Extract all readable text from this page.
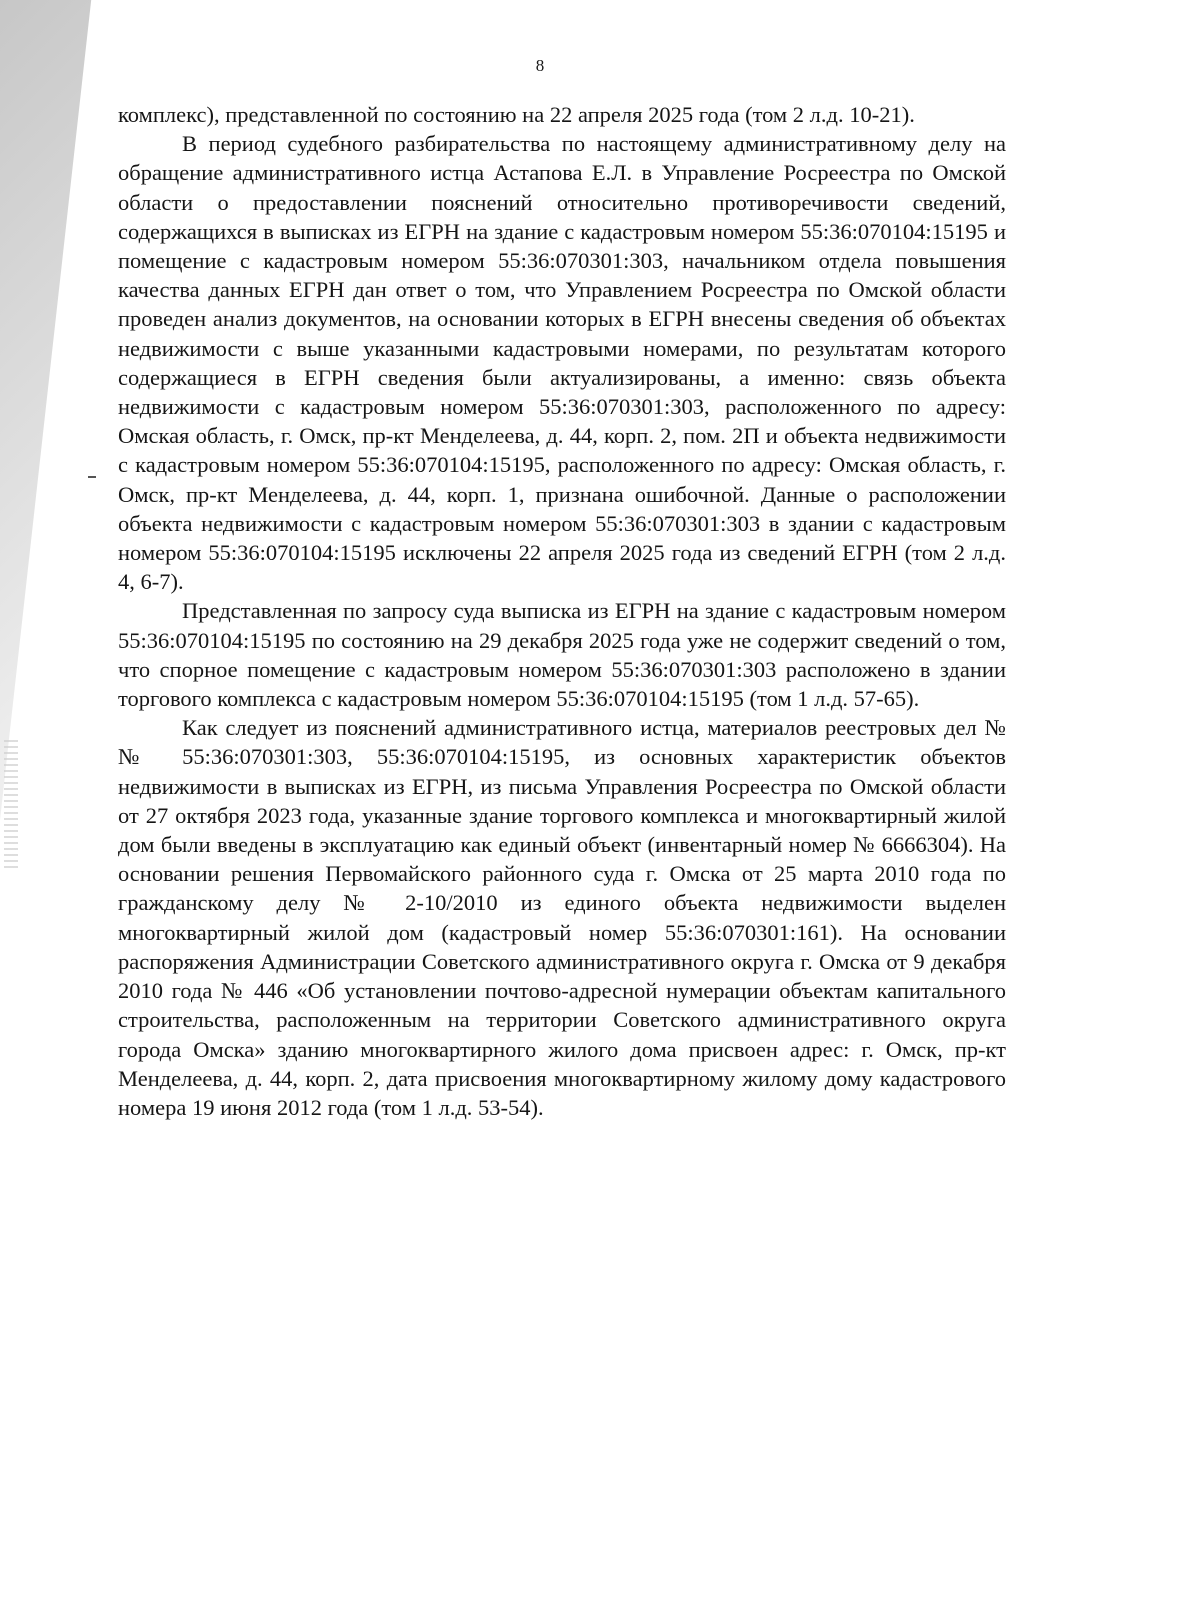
8

комплекс), представленной по состоянию на 22 апреля 2025 года (том 2 л.д. 10-21).

В период судебного разбирательства по настоящему административному делу на обращение административного истца Астапова Е.Л. в Управление Росреестра по Омской области о предоставлении пояснений относительно противоречивости сведений, содержащихся в выписках из ЕГРН на здание с кадастровым номером 55:36:070104:15195 и помещение с кадастровым номером 55:36:070301:303, начальником отдела повышения качества данных ЕГРН дан ответ о том, что Управлением Росреестра по Омской области проведен анализ документов, на основании которых в ЕГРН внесены сведения об объектах недвижимости с выше указанными кадастровыми номерами, по результатам которого содержащиеся в ЕГРН сведения были актуализированы, а именно: связь объекта недвижимости с кадастровым номером 55:36:070301:303, расположенного по адресу: Омская область, г. Омск, пр-кт Менделеева, д. 44, корп. 2, пом. 2П и объекта недвижимости с кадастровым номером 55:36:070104:15195, расположенного по адресу: Омская область, г. Омск, пр-кт Менделеева, д. 44, корп. 1, признана ошибочной. Данные о расположении объекта недвижимости с кадастровым номером 55:36:070301:303 в здании с кадастровым номером 55:36:070104:15195 исключены 22 апреля 2025 года из сведений ЕГРН (том 2 л.д. 4, 6-7).

Представленная по запросу суда выписка из ЕГРН на здание с кадастровым номером 55:36:070104:15195 по состоянию на 29 декабря 2025 года уже не содержит сведений о том, что спорное помещение с кадастровым номером 55:36:070301:303 расположено в здании торгового комплекса с кадастровым номером 55:36:070104:15195 (том 1 л.д. 57-65).

Как следует из пояснений административного истца, материалов реестровых дел №№ 55:36:070301:303, 55:36:070104:15195, из основных характеристик объектов недвижимости в выписках из ЕГРН, из письма Управления Росреестра по Омской области от 27 октября 2023 года, указанные здание торгового комплекса и многоквартирный жилой дом были введены в эксплуатацию как единый объект (инвентарный номер № 6666304). На основании решения Первомайского районного суда г. Омска от 25 марта 2010 года по гражданскому делу № 2-10/2010 из единого объекта недвижимости выделен многоквартирный жилой дом (кадастровый номер 55:36:070301:161). На основании распоряжения Администрации Советского административного округа г. Омска от 9 декабря 2010 года № 446 «Об установлении почтово-адресной нумерации объектам капитального строительства, расположенным на территории Советского административного округа города Омска» зданию многоквартирного жилого дома присвоен адрес: г. Омск, пр-кт Менделеева, д. 44, корп. 2, дата присвоения многоквартирному жилому дому кадастрового номера 19 июня 2012 года (том 1 л.д. 53-54).
